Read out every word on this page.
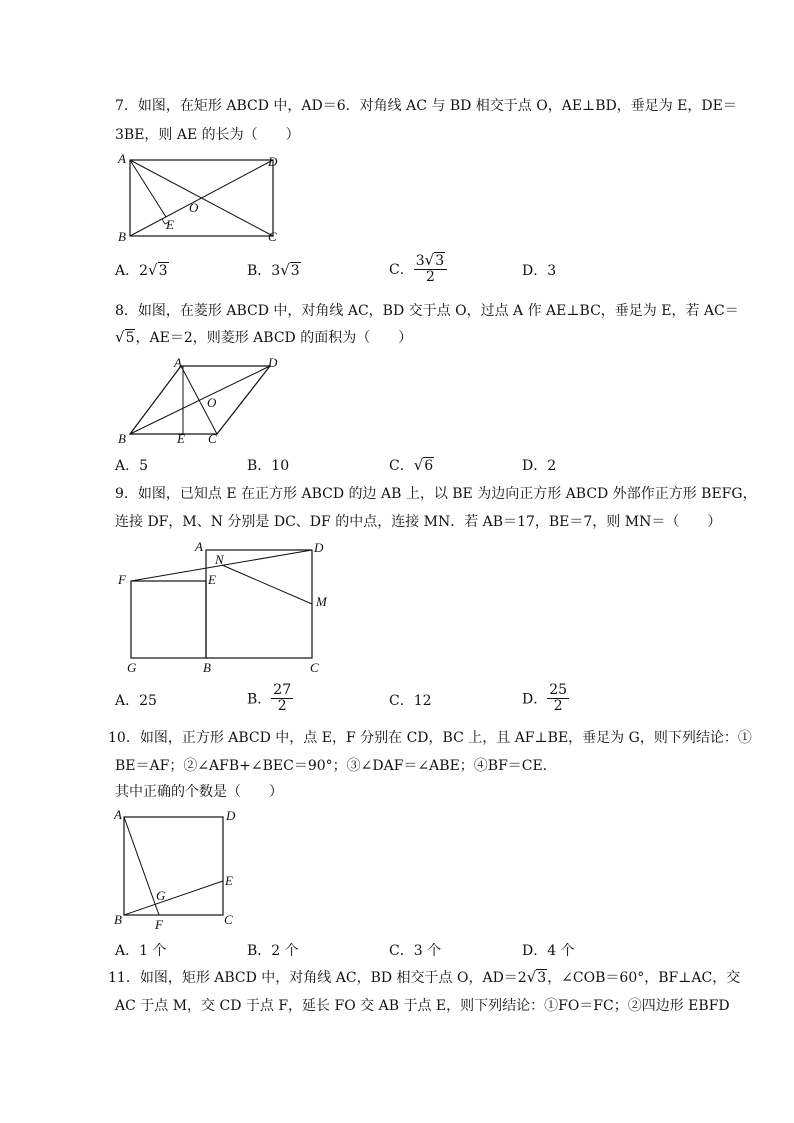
7．如图，在矩形 ABCD 中，AD＝6．对角线 AC 与 BD 相交于点 O，AE⊥BD，垂足为 E，DE＝
3BE，则 AE 的长为（　　）
A	D
B	C
E
O
A．2√3	B．3√3	C． $\frac{3√3}{2}$	D．3
8．如图，在菱形 ABCD 中，对角线 AC，BD 交于点 O，过点 A 作 AE⊥BC，垂足为 E，若 AC＝
√5，AE＝2，则菱形 ABCD 的面积为（　　）
A	D
B	E C
O
A．5	B．10	C．√6	D．2
9．如图，已知点 E 在正方形 ABCD 的边 AB 上，以 BE 为边向正方形 ABCD 外部作正方形 BEFG，
连接 DF，M、N 分别是 DC、DF 的中点，连接 MN．若 AB＝17，BE＝7，则 MN＝（　　）
A
N
D
F	E
M
G	B	C
A．25	B． $\frac{27}{2}$	C．12	D． $\frac{25}{2}$
10．如图，正方形 ABCD 中，点 E，F 分别在 CD，BC 上，且 AF⊥BE，垂足为 G，则下列结论：①
BE＝AF；②∠AFB+∠BEC＝90°；③∠DAF＝∠ABE；④BF＝CE．
其中正确的个数是（　　）
A	D
E
G
B	F	C
A．1 个	B．2 个	C．3 个	D．4 个
11．如图，矩形 ABCD 中，对角线 AC，BD 相交于点 O，AD＝2√3，∠COB＝60°，BF⊥AC，交
AC 于点 M，交 CD 于点 F，延长 FO 交 AB 于点 E，则下列结论：①FO＝FC；②四边形 EBFD
